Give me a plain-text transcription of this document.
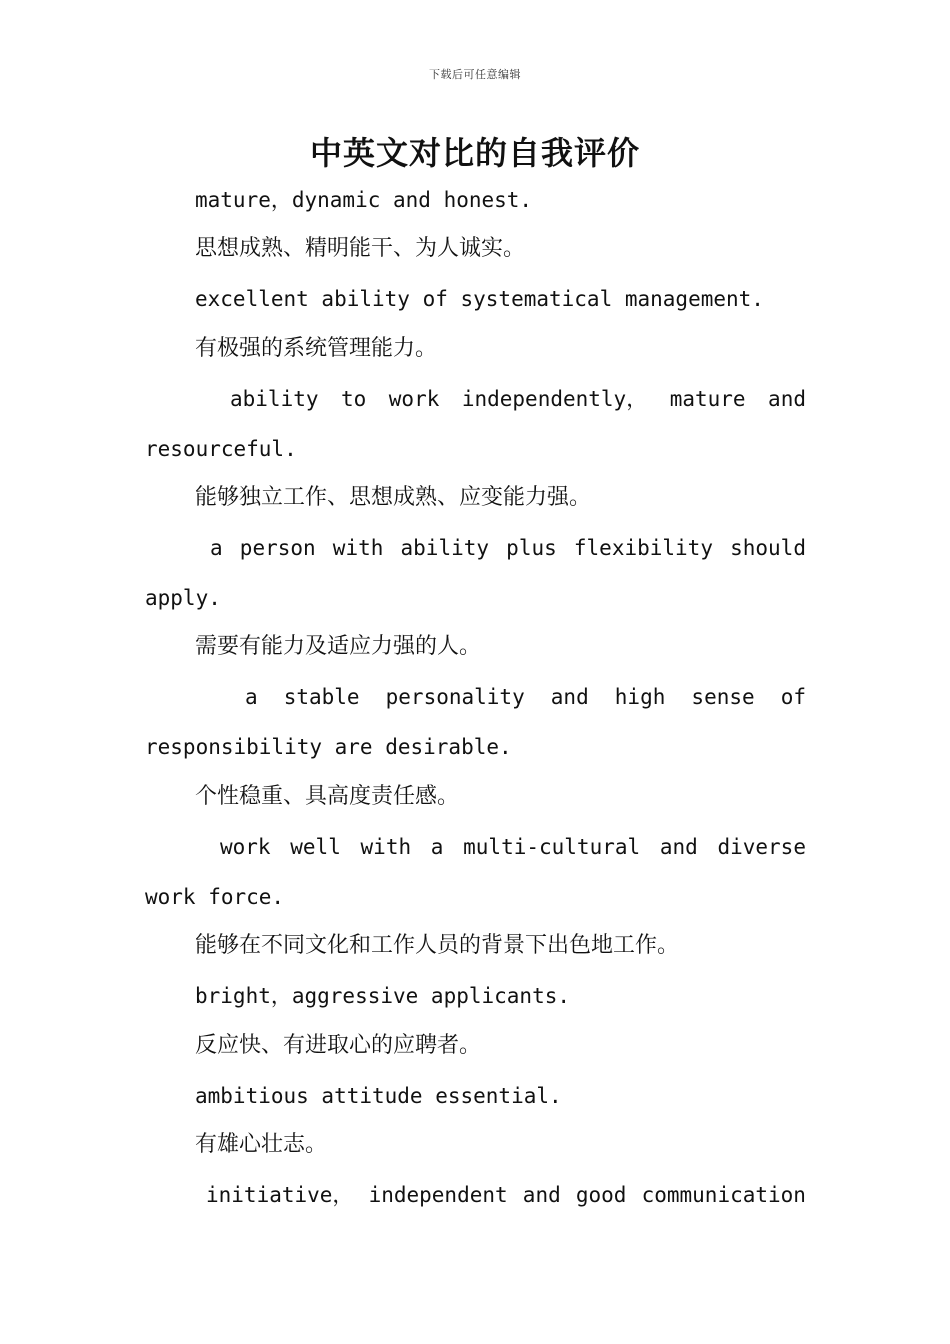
下载后可任意编辑
中英文对比的自我评价
mature，dynamic and honest.
思想成熟、精明能干、为人诚实。
excellent ability of systematical management.
有极强的系统管理能力。
ability to work independently， mature and
resourceful.
能够独立工作、思想成熟、应变能力强。
a person with ability plus flexibility should
apply.
需要有能力及适应力强的人。
a stable personality and high sense of
responsibility are desirable.
个性稳重、具高度责任感。
work well with a multi-cultural and diverse
work force.
能够在不同文化和工作人员的背景下出色地工作。
bright，aggressive applicants.
反应快、有进取心的应聘者。
ambitious attitude essential.
有雄心壮志。
initiative， independent and good communication
